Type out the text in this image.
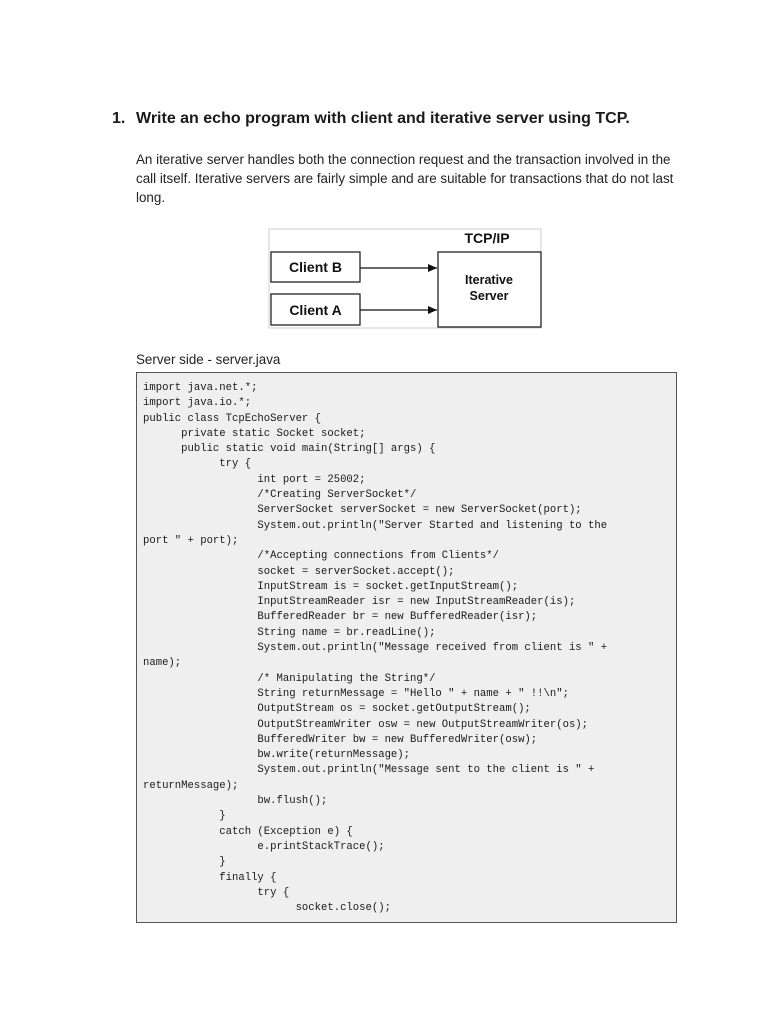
1. Write an echo program with client and iterative server using TCP.

An iterative server handles both the connection request and the transaction involved in the call itself. Iterative servers are fairly simple and are suitable for transactions that do not last long.

TCP/IP
Client B
Client A
Iterative
Server

Server side - server.java

import java.net.*;
import java.io.*;
public class TcpEchoServer {
private static Socket socket;
public static void main(String[] args) {
try {
int port = 25002;
/*Creating ServerSocket*/
ServerSocket serverSocket = new ServerSocket(port);
System.out.println("Server Started and listening to the
port " + port);
/*Accepting connections from Clients*/
socket = serverSocket.accept();
InputStream is = socket.getInputStream();
InputStreamReader isr = new InputStreamReader(is);
BufferedReader br = new BufferedReader(isr);
String name = br.readLine();
System.out.println("Message received from client is " +
name);
/* Manipulating the String*/
String returnMessage = "Hello " + name + " !!\n";
OutputStream os = socket.getOutputStream();
OutputStreamWriter osw = new OutputStreamWriter(os);
BufferedWriter bw = new BufferedWriter(osw);
bw.write(returnMessage);
System.out.println("Message sent to the client is " +
returnMessage);
bw.flush();
}
catch (Exception e) {
e.printStackTrace();
}
finally {
try {
socket.close();
